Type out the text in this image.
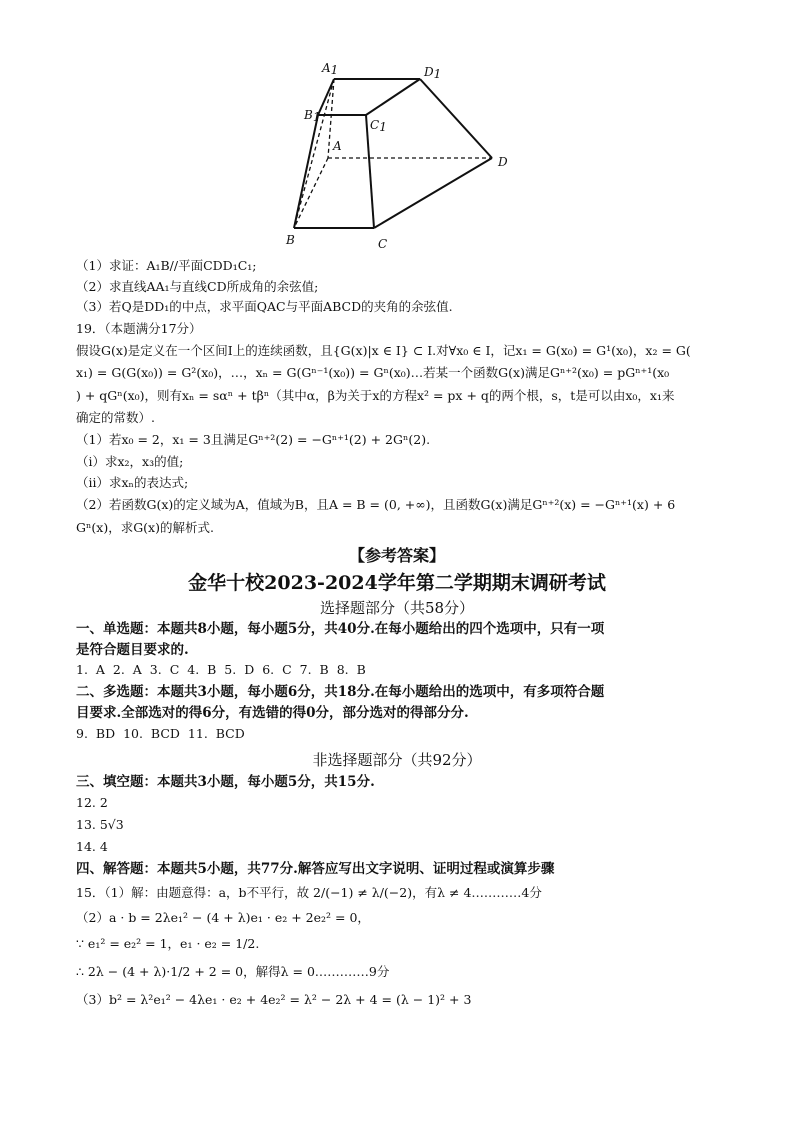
A1	D1
B1
C1
A
B	C
D
（1）求证：A₁B//平面CDD₁C₁;
（2）求直线AA₁与直线CD所成角的余弦值;
（3）若Q是DD₁的中点，求平面QAC与平面ABCD的夹角的余弦值.
19．（本题满分17分）
假设G(x)是定义在一个区间I上的连续函数，且{G(x)|x ∈ I} ⊂ I.对∀x₀ ∈ I，记x₁ = G(x₀) = G¹(x₀)，x₂ = G(
x₁) = G(G(x₀)) = G²(x₀)，…，xₙ = G(Gⁿ⁻¹(x₀)) = Gⁿ(x₀)…若某一个函数G(x)满足Gⁿ⁺²(x₀) = pGⁿ⁺¹(x₀
) + qGⁿ(x₀)，则有xₙ = sαⁿ + tβⁿ（其中α，β为关于x的方程x² = px + q的两个根，s，t是可以由x₀，x₁来
确定的常数）.
（1）若x₀ = 2，x₁ = 3且满足Gⁿ⁺²(2) = −Gⁿ⁺¹(2) + 2Gⁿ(2).
（ⅰ）求x₂，x₃的值;
（ⅱ）求xₙ的表达式;
（2）若函数G(x)的定义域为A，值域为B，且A = B = (0, +∞)，且函数G(x)满足Gⁿ⁺²(x) = −Gⁿ⁺¹(x) + 6
Gⁿ(x)，求G(x)的解析式.
【参考答案】
金华十校2023-2024学年第二学期期末调研考试
选择题部分（共58分）
一、单选题：本题共8小题，每小题5分，共40分.在每小题给出的四个选项中，只有一项
是符合题目要求的.
1. A 2. A 3. C 4. B 5. D 6. C 7. B 8. B
二、多选题：本题共3小题，每小题6分，共18分.在每小题给出的选项中，有多项符合题
目要求.全部选对的得6分，有选错的得0分，部分选对的得部分分.
9. BD 10. BCD 11. BCD
非选择题部分（共92分）
三、填空题：本题共3小题，每小题5分，共15分.
12. 2
13. 5√3
14. 4
四、解答题：本题共5小题，共77分.解答应写出文字说明、证明过程或演算步骤
15．（1）解：由题意得：a，b不平行，故 2/(−1) ≠ λ/(−2)，有λ ≠ 4…………4分
（2）a · b = 2λe₁² − (4 + λ)e₁ · e₂ + 2e₂² = 0，
∵ e₁² = e₂² = 1，e₁ · e₂ = 1/2.
∴ 2λ − (4 + λ)·1/2 + 2 = 0，解得λ = 0.…………9分
（3）b² = λ²e₁² − 4λe₁ · e₂ + 4e₂² = λ² − 2λ + 4 = (λ − 1)² + 3
